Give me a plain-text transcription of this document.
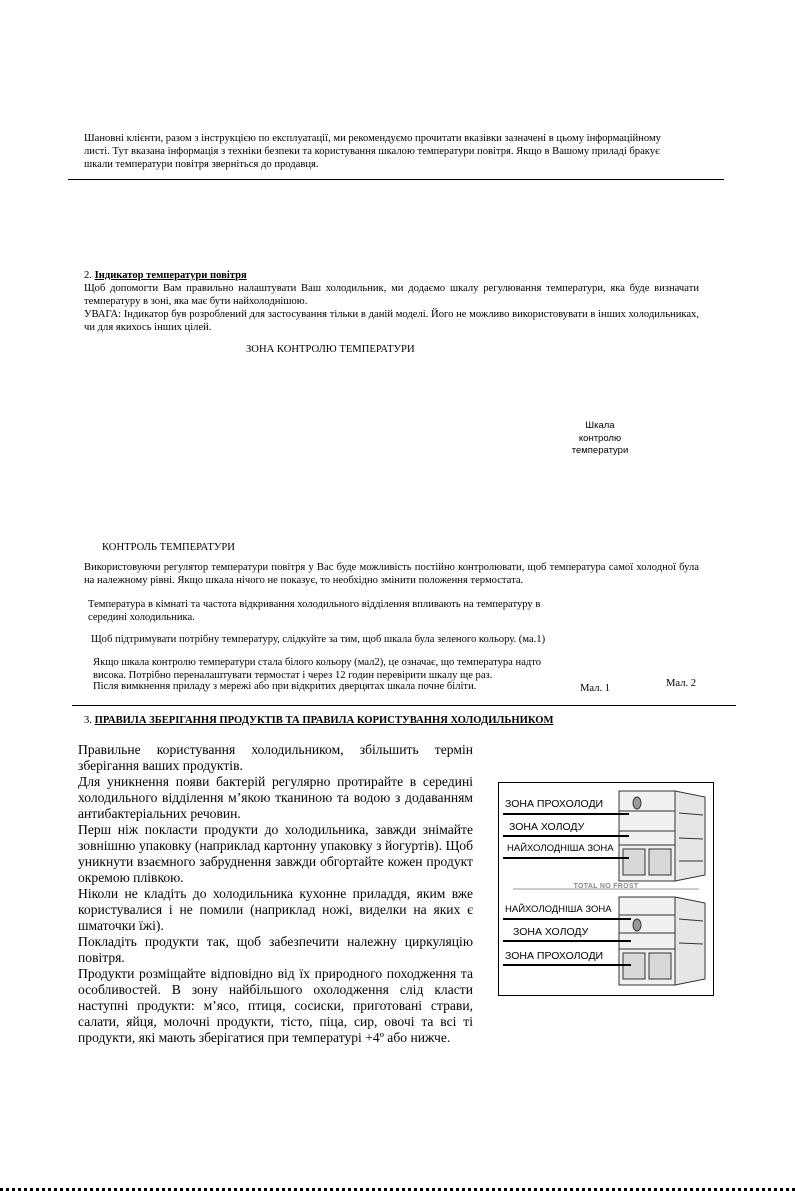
Шановні клієнти, разом з інструкцією по експлуатації, ми рекомендуємо прочитати вказівки зазначені в цьому інформаційному
листі. Тут вказана інформація з техніки безпеки та користування шкалою температури повітря. Якщо в Вашому приладі бракує
шкали температури повітря зверніться до продавця.
2. Індикатор температури повітря
Щоб допомогти Вам правильно налаштувати Ваш холодильник, ми додаємо шкалу регулювання температури, яка буде визначати температуру в зоні, яка має бути найхолоднішою.
УВАГА: Індикатор був розроблений для застосування тільки в даній моделі. Його не можливо використовувати в інших холодильниках, чи для якихось інших цілей.
ЗОНА КОНТРОЛЮ ТЕМПЕРАТУРИ
Шкала
контролю
температури
КОНТРОЛЬ ТЕМПЕРАТУРИ
Використовуючи регулятор температури повітря у Вас буде можливість постійно контролювати, щоб температура самої холодної була на належному рівні. Якщо шкала нічого не показує, то необхідно змінити положення термостата.
Температура в кімнаті та частота відкривання холодильного відділення впливають на температуру в середині холодильника.
Щоб підтримувати потрібну температуру, слідкуйте за тим, щоб шкала була зеленого кольору. (ма.1)
Якщо шкала контролю температури стала білого кольору (мал2), це означає, що температура надто висока. Потрібно переналаштувати термостат і через 12 годин перевірити шкалу ще раз.
Після вимкнення приладу з мережі або при відкритих дверцятах шкала почне біліти.	Мал. 1	Мал. 2
3. ПРАВИЛА ЗБЕРІГАННЯ ПРОДУКТІВ ТА ПРАВИЛА КОРИСТУВАННЯ ХОЛОДИЛЬНИКОМ
Правильне користування холодильником, збільшить термін зберігання ваших продуктів.
Для уникнення появи бактерій регулярно протирайте в середині холодильного відділення м’якою тканиною та водою з додаванням антибактеріальних речовин.
Перш ніж покласти продукти до холодильника, завжди знімайте зовнішню упаковку (наприклад картонну упаковку з йогуртів). Щоб уникнути взаємного забруднення завжди обгортайте кожен продукт окремою плівкою.
Ніколи не кладіть до холодильника кухонне приладдя, яким вже користувалися і не помили (наприклад ножі, виделки на яких є шматочки їжі).
Покладіть продукти так, щоб забезпечити належну циркуляцію повітря.
Продукти розміщайте відповідно від їх природного походження та особливостей. В зону найбільшого охолодження слід класти наступні продукти: м’ясо, птиця, сосиски, приготовані страви, салати, яйця, молочні продукти, тісто, піца, сир, овочі та всі ті продукти, які мають зберігатися при температурі +4º або нижче.
ЗОНА ПРОХОЛОДИ
ЗОНА ХОЛОДУ
НАЙХОЛОДНІША ЗОНА
TOTAL NO FROST
НАЙХОЛОДНІША ЗОНА
ЗОНА ХОЛОДУ
ЗОНА ПРОХОЛОДИ
